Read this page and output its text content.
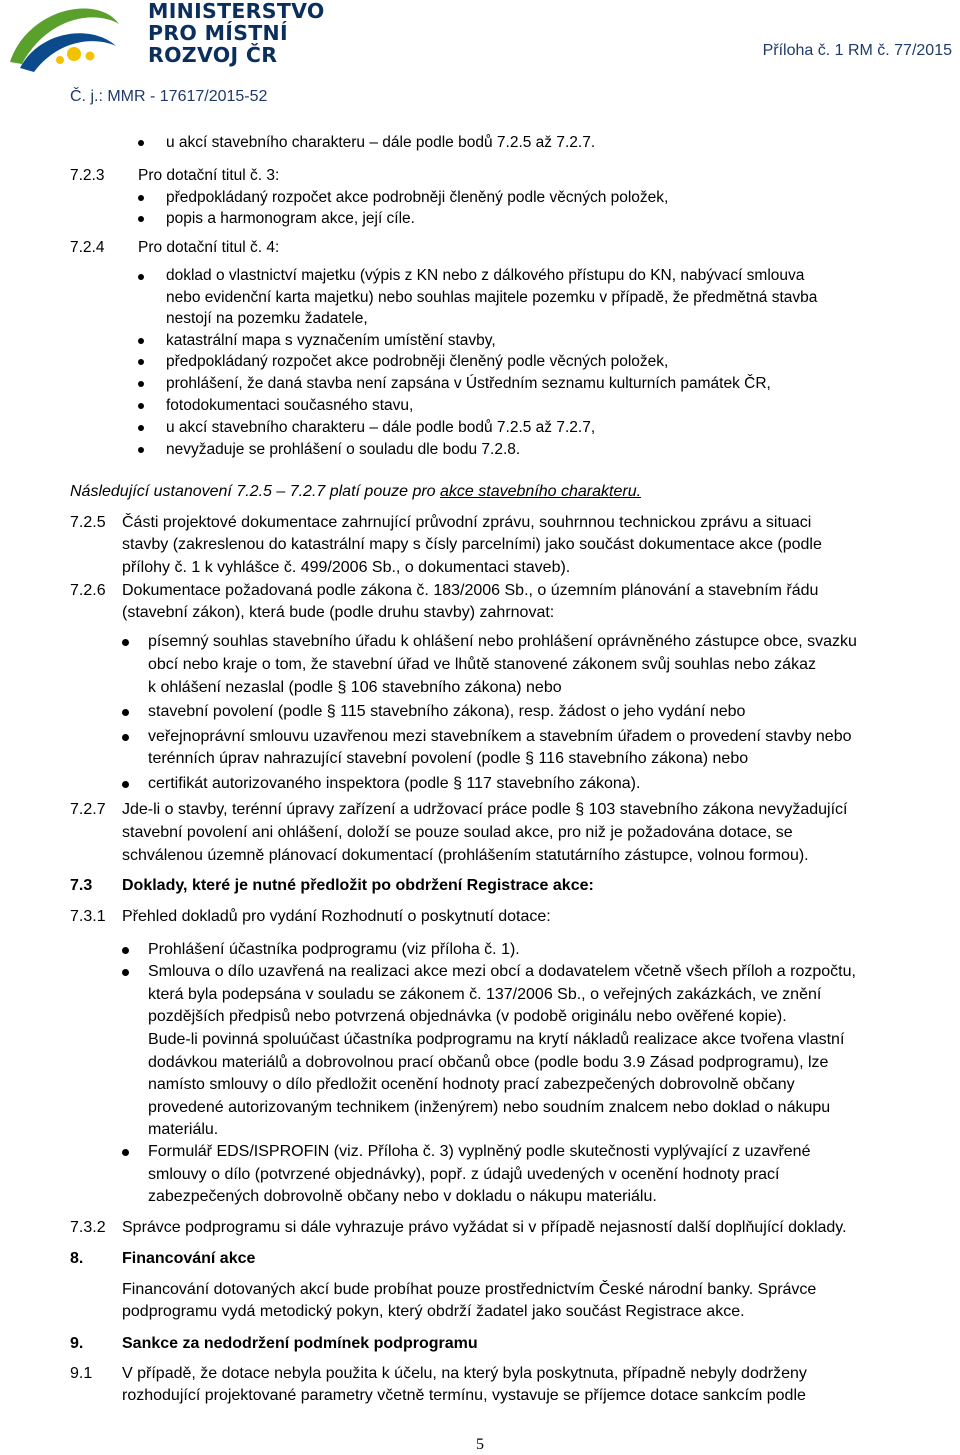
MINISTERSTVO
PRO MÍSTNÍ
ROZVOJ ČR	Příloha č. 1 RM č. 77/2015
Č. j.: MMR - 17617/2015-52
u akcí stavebního charakteru – dále podle bodů 7.2.5 až 7.2.7.
7.2.3 Pro dotační titul č. 3:
předpokládaný rozpočet akce podrobněji členěný podle věcných položek,
popis a harmonogram akce, její cíle.
7.2.4 Pro dotační titul č. 4:
doklad o vlastnictví majetku (výpis z KN nebo z dálkového přístupu do KN, nabývací smlouva
nebo evidenční karta majetku) nebo souhlas majitele pozemku v případě, že předmětná stavba
nestojí na pozemku žadatele,
katastrální mapa s vyznačením umístění stavby,
předpokládaný rozpočet akce podrobněji členěný podle věcných položek,
prohlášení, že daná stavba není zapsána v Ústředním seznamu kulturních památek ČR,
fotodokumentaci současného stavu,
u akcí stavebního charakteru – dále podle bodů 7.2.5 až 7.2.7,
nevyžaduje se prohlášení o souladu dle bodu 7.2.8.
Následující ustanovení 7.2.5 – 7.2.7 platí pouze pro akce stavebního charakteru.
7.2.5 Části projektové dokumentace zahrnující průvodní zprávu, souhrnnou technickou zprávu a situaci
stavby (zakreslenou do katastrální mapy s čísly parcelními) jako součást dokumentace akce (podle
přílohy č. 1 k vyhlášce č. 499/2006 Sb., o dokumentaci staveb).
7.2.6 Dokumentace požadovaná podle zákona č. 183/2006 Sb., o územním plánování a stavebním řádu
(stavební zákon), která bude (podle druhu stavby) zahrnovat:
písemný souhlas stavebního úřadu k ohlášení nebo prohlášení oprávněného zástupce obce, svazku
obcí nebo kraje o tom, že stavební úřad ve lhůtě stanovené zákonem svůj souhlas nebo zákaz
k ohlášení nezaslal (podle § 106 stavebního zákona) nebo
stavební povolení (podle § 115 stavebního zákona), resp. žádost o jeho vydání nebo
veřejnoprávní smlouvu uzavřenou mezi stavebníkem a stavebním úřadem o provedení stavby nebo
terénních úprav nahrazující stavební povolení (podle § 116 stavebního zákona) nebo
certifikát autorizovaného inspektora (podle § 117 stavebního zákona).
7.2.7 Jde-li o stavby, terénní úpravy zařízení a udržovací práce podle § 103 stavebního zákona nevyžadující
stavební povolení ani ohlášení, doloží se pouze soulad akce, pro niž je požadována dotace, se
schválenou územně plánovací dokumentací (prohlášením statutárního zástupce, volnou formou).
7.3 Doklady, které je nutné předložit po obdržení Registrace akce:
7.3.1 Přehled dokladů pro vydání Rozhodnutí o poskytnutí dotace:
Prohlášení účastníka podprogramu (viz příloha č. 1).
Smlouva o dílo uzavřená na realizaci akce mezi obcí a dodavatelem včetně všech příloh a rozpočtu,
která byla podepsána v souladu se zákonem č. 137/2006 Sb., o veřejných zakázkách, ve znění
pozdějších předpisů nebo potvrzená objednávka (v podobě originálu nebo ověřené kopie).
Bude-li povinná spoluúčast účastníka podprogramu na krytí nákladů realizace akce tvořena vlastní
dodávkou materiálů a dobrovolnou prací občanů obce (podle bodu 3.9 Zásad podprogramu), lze
namísto smlouvy o dílo předložit ocenění hodnoty prací zabezpečených dobrovolně občany
provedené autorizovaným technikem (inženýrem) nebo soudním znalcem nebo doklad o nákupu
materiálu.
Formulář EDS/ISPROFIN (viz. Příloha č. 3) vyplněný podle skutečnosti vyplývající z uzavřené
smlouvy o dílo (potvrzené objednávky), popř. z údajů uvedených v ocenění hodnoty prací
zabezpečených dobrovolně občany nebo v dokladu o nákupu materiálu.
7.3.2 Správce podprogramu si dále vyhrazuje právo vyžádat si v případě nejasností další doplňující doklady.
8. Financování akce
Financování dotovaných akcí bude probíhat pouze prostřednictvím České národní banky. Správce
podprogramu vydá metodický pokyn, který obdrží žadatel jako součást Registrace akce.
9. Sankce za nedodržení podmínek podprogramu
9.1 V případě, že dotace nebyla použita k účelu, na který byla poskytnuta, případně nebyly dodrženy
rozhodující projektované parametry včetně termínu, vystavuje se příjemce dotace sankcím podle
5
